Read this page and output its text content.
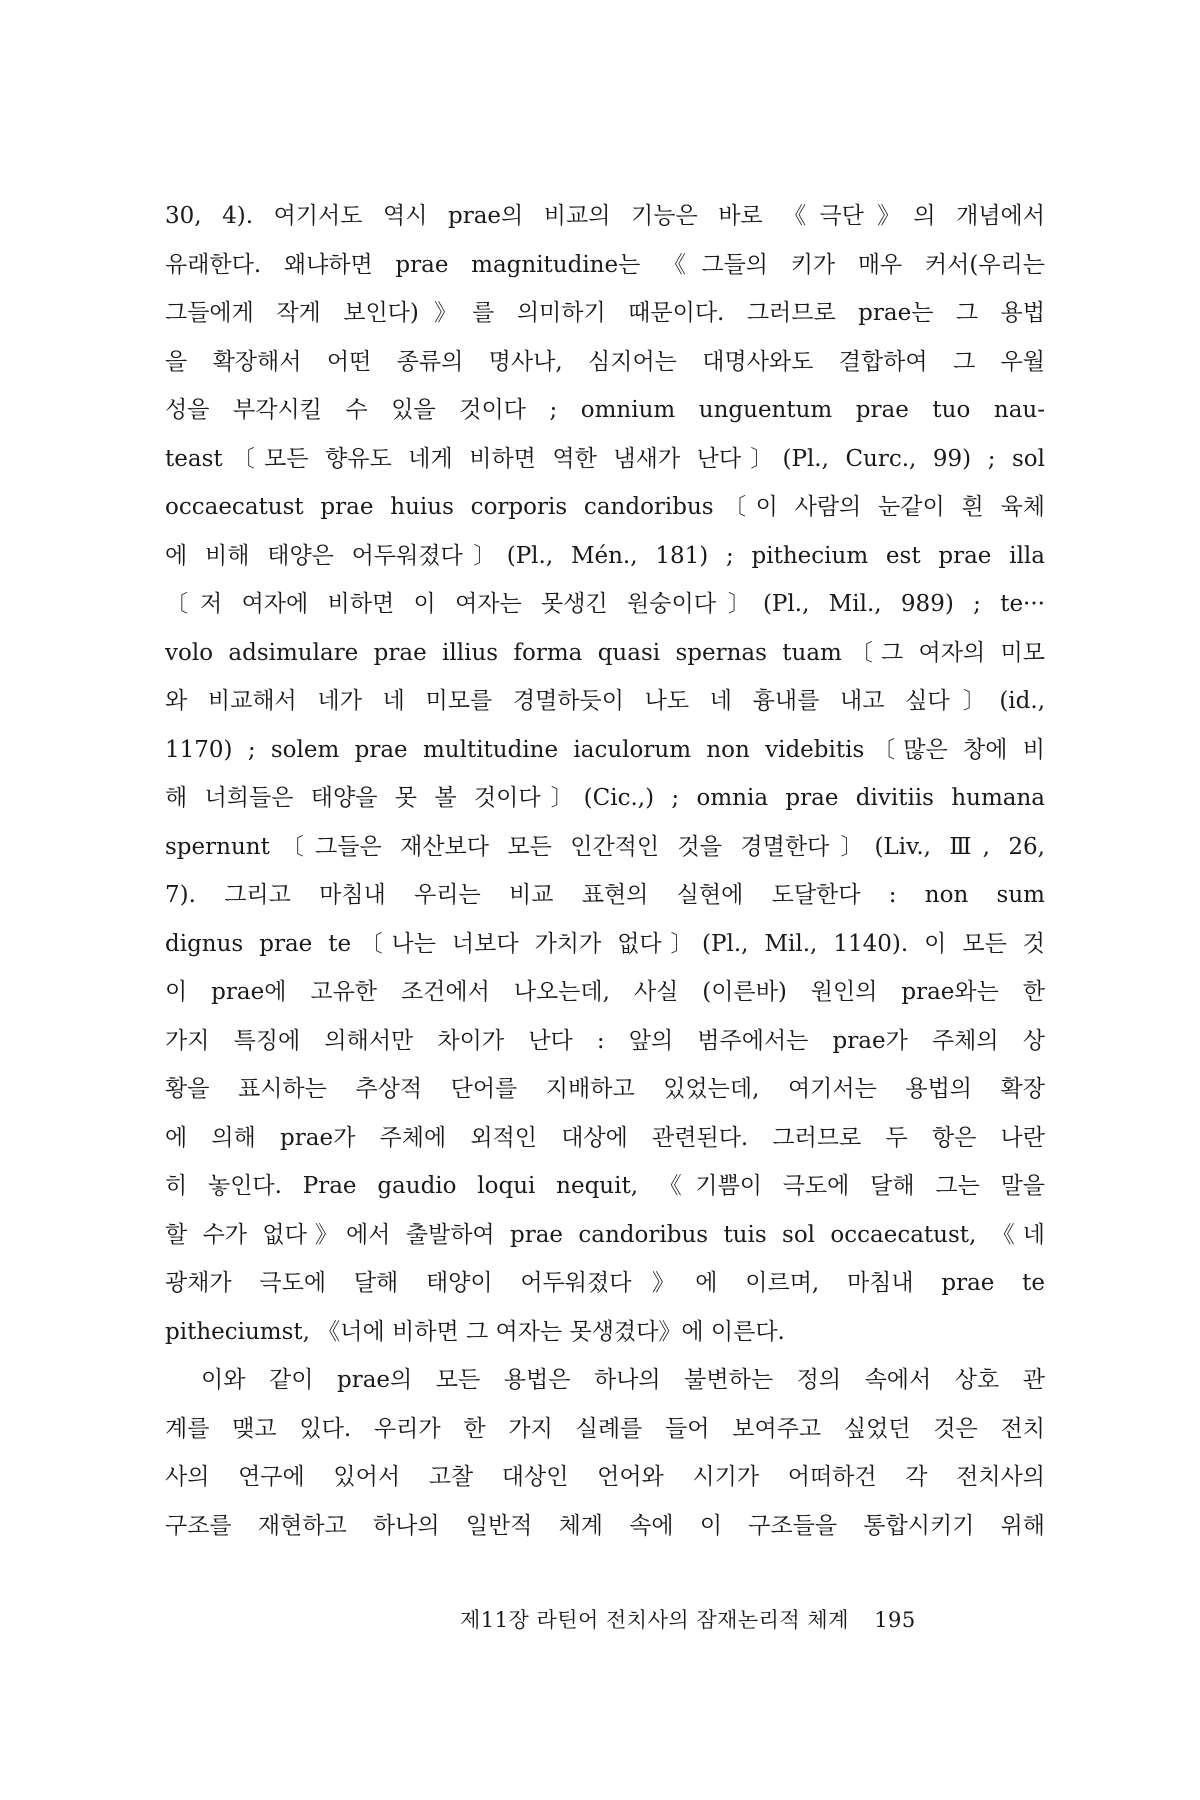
30, 4). 여기서도 역시 prae의 비교의 기능은 바로 《극단》의 개념에서
유래한다. 왜냐하면 prae magnitudine는 《그들의 키가 매우 커서(우리는
그들에게 작게 보인다)》를 의미하기 때문이다. 그러므로 prae는 그 용법
을 확장해서 어떤 종류의 명사나, 심지어는 대명사와도 결합하여 그 우월
성을 부각시킬 수 있을 것이다 ; omnium unguentum prae tuo nau-
teast〔모든 향유도 네게 비하면 역한 냄새가 난다〕(Pl., Curc., 99) ; sol
occaecatust prae huius corporis candoribus〔이 사람의 눈같이 흰 육체
에 비해 태양은 어두워졌다〕(Pl., Mén., 181) ; pithecium est prae illa
〔저 여자에 비하면 이 여자는 못생긴 원숭이다〕(Pl., Mil., 989) ; te···
volo adsimulare prae illius forma quasi spernas tuam〔그 여자의 미모
와 비교해서 네가 네 미모를 경멸하듯이 나도 네 흉내를 내고 싶다〕(id.,
1170) ; solem prae multitudine iaculorum non videbitis〔많은 창에 비
해 너희들은 태양을 못 볼 것이다〕(Cic.,) ; omnia prae divitiis humana
spernunt〔그들은 재산보다 모든 인간적인 것을 경멸한다〕(Liv., Ⅲ, 26,
7). 그리고 마침내 우리는 비교 표현의 실현에 도달한다 : non sum
dignus prae te〔나는 너보다 가치가 없다〕(Pl., Mil., 1140). 이 모든 것
이 prae에 고유한 조건에서 나오는데, 사실 (이른바) 원인의 prae와는 한
가지 특징에 의해서만 차이가 난다 : 앞의 범주에서는 prae가 주체의 상
황을 표시하는 추상적 단어를 지배하고 있었는데, 여기서는 용법의 확장
에 의해 prae가 주체에 외적인 대상에 관련된다. 그러므로 두 항은 나란
히 놓인다. Prae gaudio loqui nequit, 《기쁨이 극도에 달해 그는 말을
할 수가 없다》에서 출발하여 prae candoribus tuis sol occaecatust, 《네
광채가 극도에 달해 태양이 어두워졌다》에 이르며, 마침내 prae te
pitheciumst, 《너에 비하면 그 여자는 못생겼다》에 이른다.
이와 같이 prae의 모든 용법은 하나의 불변하는 정의 속에서 상호 관
계를 맺고 있다. 우리가 한 가지 실례를 들어 보여주고 싶었던 것은 전치
사의 연구에 있어서 고찰 대상인 언어와 시기가 어떠하건 각 전치사의
구조를 재현하고 하나의 일반적 체계 속에 이 구조들을 통합시키기 위해
제11장 라틴어 전치사의 잠재논리적 체계 195
